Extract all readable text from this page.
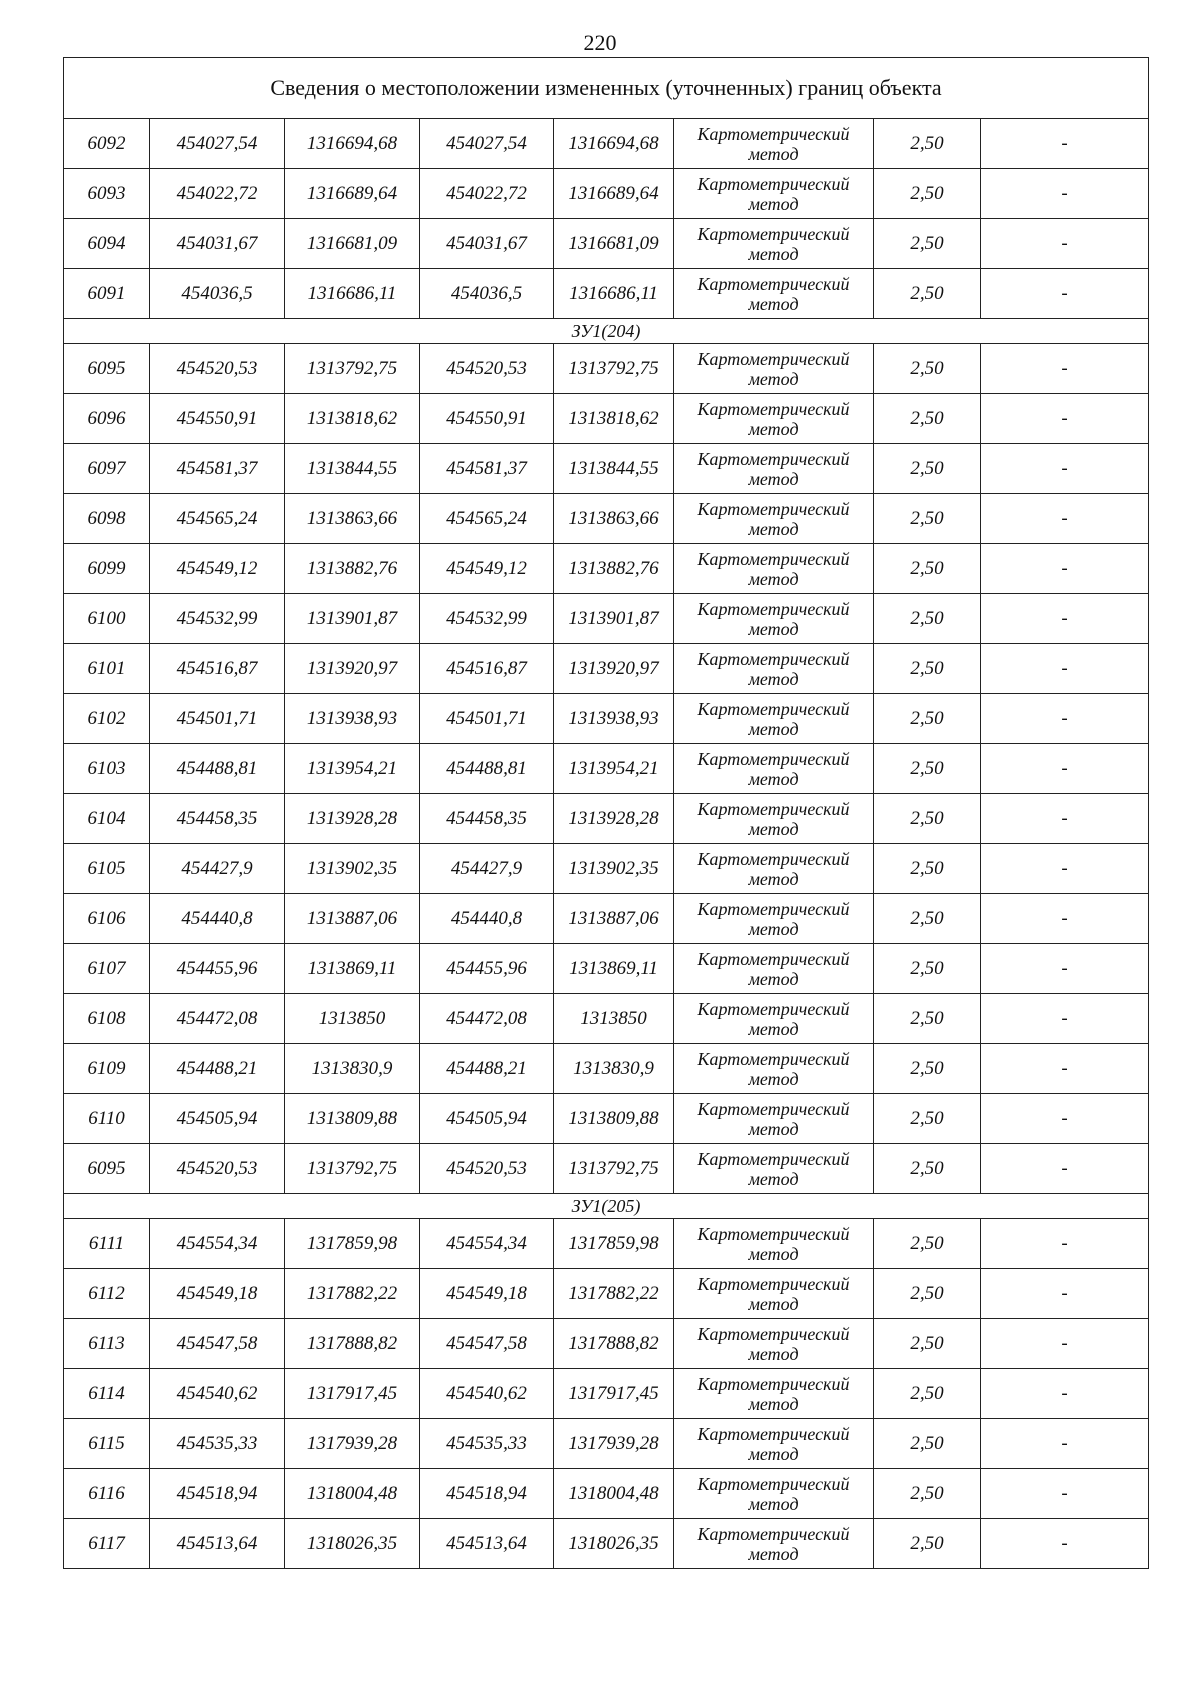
220
Сведения о местоположении измененных (уточненных) границ объекта							
6092	454027,54	1316694,68	454027,54	1316694,68	Картометрический
метод	2,50	-
6093	454022,72	1316689,64	454022,72	1316689,64	Картометрический
метод	2,50	-
6094	454031,67	1316681,09	454031,67	1316681,09	Картометрический
метод	2,50	-
6091	454036,5	1316686,11	454036,5	1316686,11	Картометрический
метод	2,50	-
ЗУ1(204)							
6095	454520,53	1313792,75	454520,53	1313792,75	Картометрический
метод	2,50	-
6096	454550,91	1313818,62	454550,91	1313818,62	Картометрический
метод	2,50	-
6097	454581,37	1313844,55	454581,37	1313844,55	Картометрический
метод	2,50	-
6098	454565,24	1313863,66	454565,24	1313863,66	Картометрический
метод	2,50	-
6099	454549,12	1313882,76	454549,12	1313882,76	Картометрический
метод	2,50	-
6100	454532,99	1313901,87	454532,99	1313901,87	Картометрический
метод	2,50	-
6101	454516,87	1313920,97	454516,87	1313920,97	Картометрический
метод	2,50	-
6102	454501,71	1313938,93	454501,71	1313938,93	Картометрический
метод	2,50	-
6103	454488,81	1313954,21	454488,81	1313954,21	Картометрический
метод	2,50	-
6104	454458,35	1313928,28	454458,35	1313928,28	Картометрический
метод	2,50	-
6105	454427,9	1313902,35	454427,9	1313902,35	Картометрический
метод	2,50	-
6106	454440,8	1313887,06	454440,8	1313887,06	Картометрический
метод	2,50	-
6107	454455,96	1313869,11	454455,96	1313869,11	Картометрический
метод	2,50	-
6108	454472,08	1313850	454472,08	1313850	Картометрический
метод	2,50	-
6109	454488,21	1313830,9	454488,21	1313830,9	Картометрический
метод	2,50	-
6110	454505,94	1313809,88	454505,94	1313809,88	Картометрический
метод	2,50	-
6095	454520,53	1313792,75	454520,53	1313792,75	Картометрический
метод	2,50	-
ЗУ1(205)							
6111	454554,34	1317859,98	454554,34	1317859,98	Картометрический
метод	2,50	-
6112	454549,18	1317882,22	454549,18	1317882,22	Картометрический
метод	2,50	-
6113	454547,58	1317888,82	454547,58	1317888,82	Картометрический
метод	2,50	-
6114	454540,62	1317917,45	454540,62	1317917,45	Картометрический
метод	2,50	-
6115	454535,33	1317939,28	454535,33	1317939,28	Картометрический
метод	2,50	-
6116	454518,94	1318004,48	454518,94	1318004,48	Картометрический
метод	2,50	-
6117	454513,64	1318026,35	454513,64	1318026,35	Картометрический
метод	2,50	-
